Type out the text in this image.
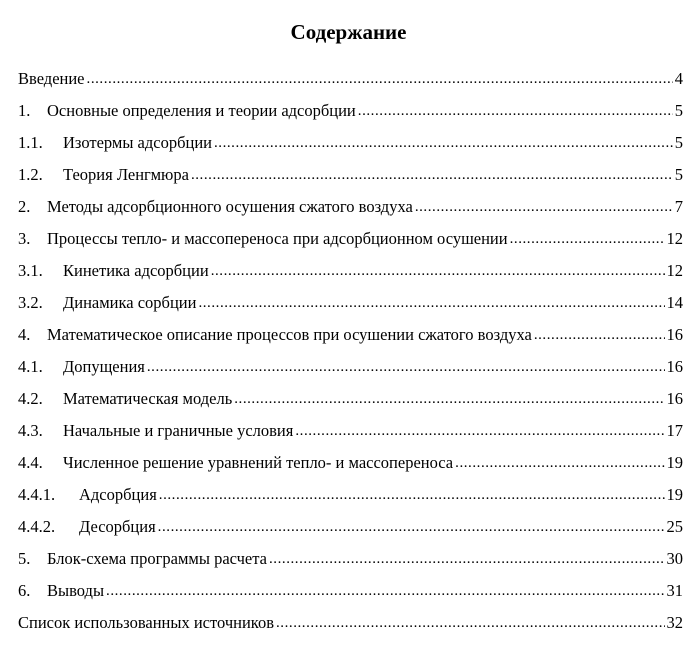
Содержание
Введение . . .	4
1.	Основные определения и теории адсорбции . . .	5
1.1.	Изотермы адсорбции . . .	5
1.2.	Теория Ленгмюра . . .	5
2.	Методы адсорбционного осушения сжатого воздуха . . .	7
3.	Процессы тепло- и массопереноса при адсорбционном осушении . . .	12
3.1.	Кинетика адсорбции . . .	12
3.2.	Динамика сорбции . . .	14
4.	Математическое описание процессов при осушении сжатого воздуха . . .	16
4.1.	Допущения . . .	16
4.2.	Математическая модель . . .	16
4.3.	Начальные и граничные условия . . .	17
4.4.	Численное решение уравнений тепло- и массопереноса . . .	19
4.4.1.	Адсорбция . . .	19
4.4.2.	Десорбция . . .	25
5.	Блок-схема программы расчета . . .	30
6.	Выводы . . .	31
Список использованных источников . . .	32
